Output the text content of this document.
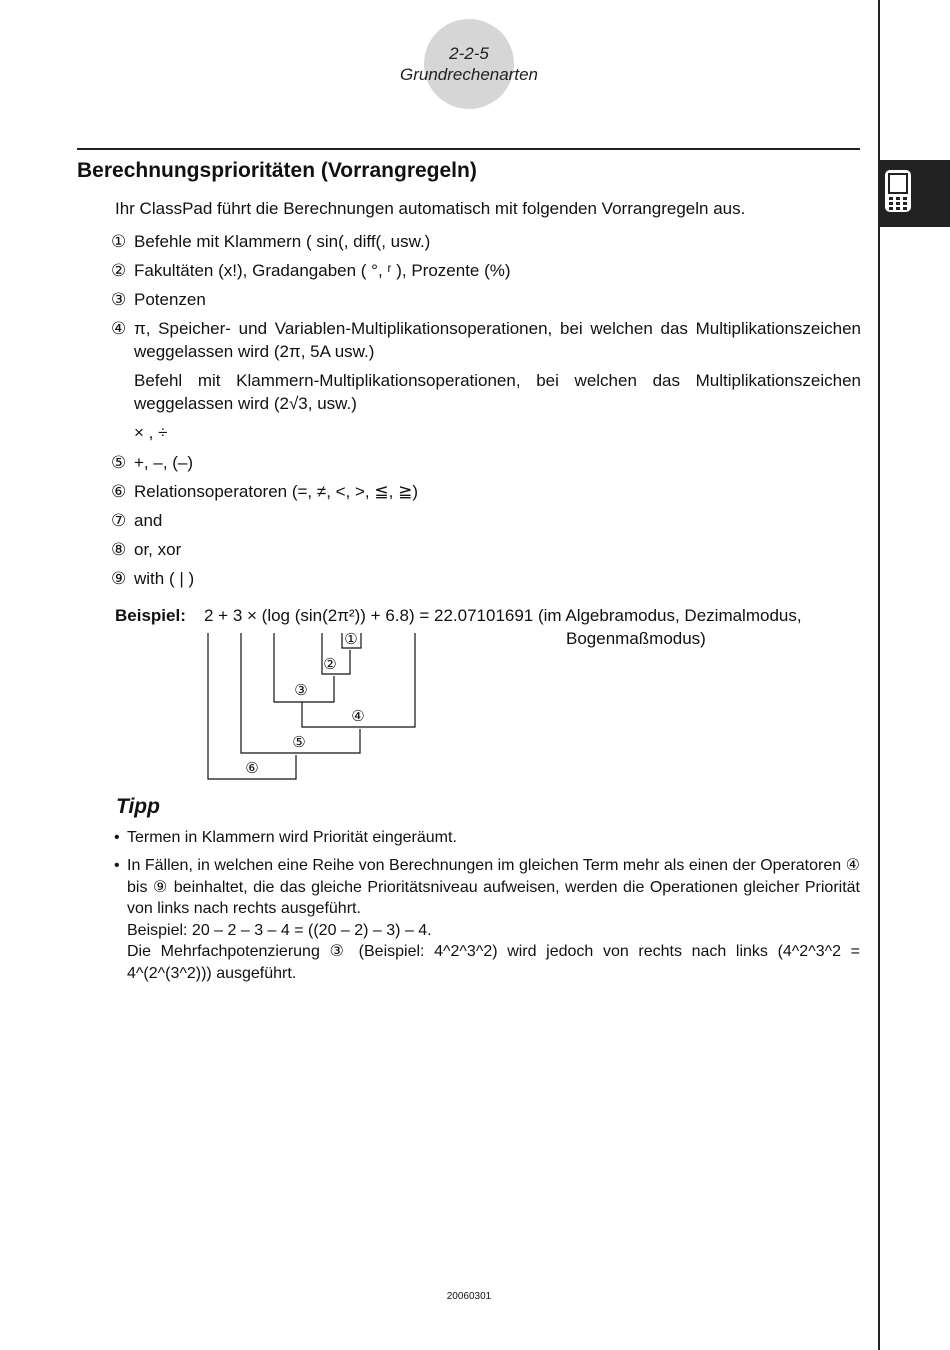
2-2-5
Grundrechenarten
Berechnungsprioritäten (Vorrangregeln)
Ihr ClassPad führt die Berechnungen automatisch mit folgenden Vorrangregeln aus.
① Befehle mit Klammern ( sin(, diff(, usw.)
② Fakultäten (x!), Gradangaben ( °, ʳ ), Prozente (%)
③ Potenzen
④ π, Speicher- und Variablen-Multiplikationsoperationen, bei welchen das Multiplikationszeichen weggelassen wird (2π, 5A usw.)
Befehl mit Klammern-Multiplikationsoperationen, bei welchen das Multiplikationszeichen weggelassen wird (2√3, usw.)
× , ÷
⑤ +, –, (–)
⑥ Relationsoperatoren (=, ≠, <, >, ≦, ≧)
⑦ and
⑧ or, xor
⑨ with ( | )
Beispiel: 2 + 3 × (log (sin(2π²)) + 6.8) = 22.07101691 (im Algebramodus, Dezimalmodus,
Bogenmaßmodus)
①
②
③
④
⑤
⑥
Tipp
• Termen in Klammern wird Priorität eingeräumt.
• In Fällen, in welchen eine Reihe von Berechnungen im gleichen Term mehr als einen der Operatoren ④ bis ⑨ beinhaltet, die das gleiche Prioritätsniveau aufweisen, werden die Operationen gleicher Priorität von links nach rechts ausgeführt.
Beispiel: 20 – 2 – 3 – 4 = ((20 – 2) – 3) – 4.
Die Mehrfachpotenzierung ③ (Beispiel: 4^2^3^2) wird jedoch von rechts nach links (4^2^3^2 = 4^(2^(3^2))) ausgeführt.
20060301
